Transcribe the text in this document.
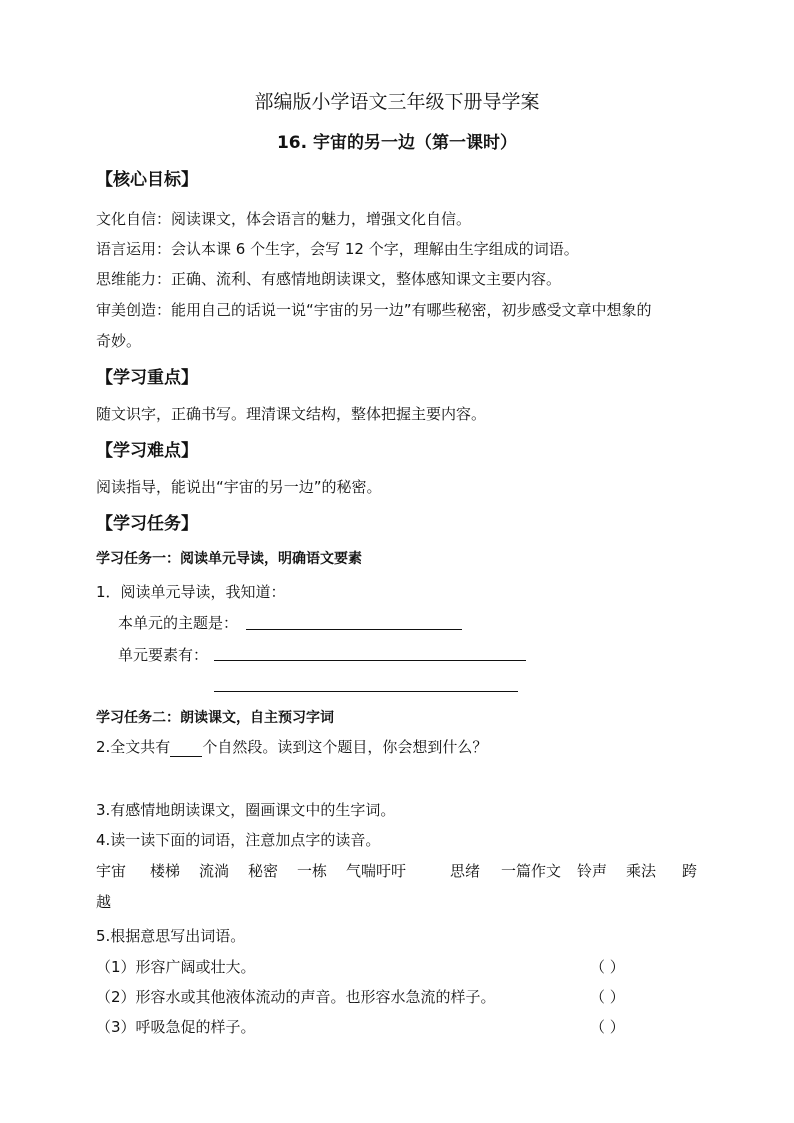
部编版小学语文三年级下册导学案
16. 宇宙的另一边（第一课时）
【核心目标】
文化自信：阅读课文，体会语言的魅力，增强文化自信。
语言运用：会认本课 6 个生字，会写 12 个字，理解由生字组成的词语。
思维能力：正确、流利、有感情地朗读课文，整体感知课文主要内容。
审美创造：能用自己的话说一说“宇宙的另一边”有哪些秘密，初步感受文章中想象的
奇妙。
【学习重点】
随文识字，正确书写。理清课文结构，整体把握主要内容。
【学习难点】
阅读指导，能说出“宇宙的另一边”的秘密。
【学习任务】
学习任务一：阅读单元导读，明确语文要素
1．阅读单元导读，我知道：
本单元的主题是：
单元要素有：
学习任务二：朗读课文，自主预习字词
2.全文共有 个自然段。读到这个题目，你会想到什么？
3.有感情地朗读课文，圈画课文中的生字词。
4.读一读下面的词语，注意加点字的读音。
宇宙 楼梯 流淌 秘密 一栋 气喘吁吁	思绪 一篇作文 铃声 乘法 跨
越
5.根据意思写出词语。
（1）形容广阔或壮大。	（ ）
（2）形容水或其他液体流动的声音。也形容水急流的样子。	（ ）
（3）呼吸急促的样子。	（ ）
